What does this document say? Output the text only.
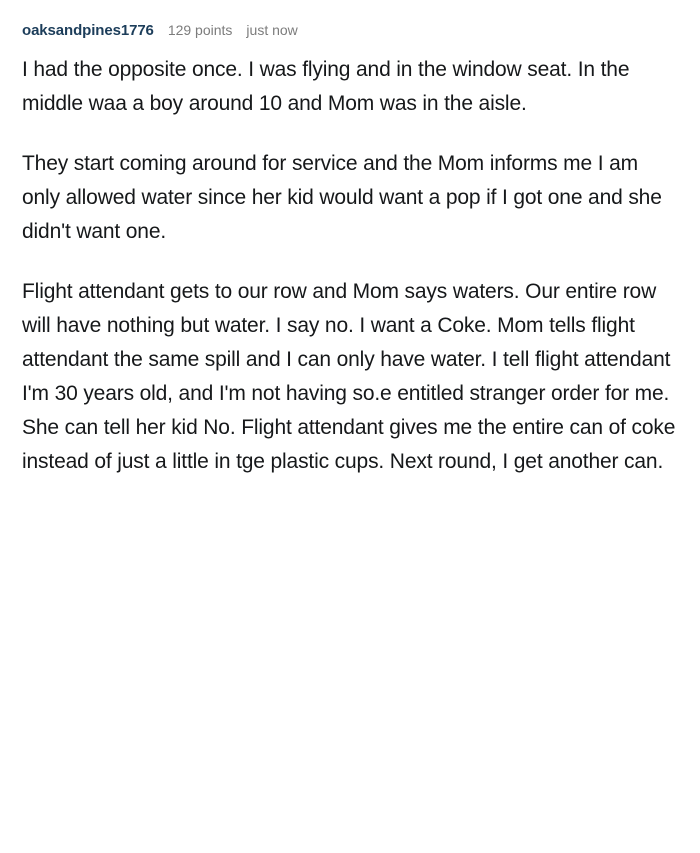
oaksandpines1776 129 points just now

I had the opposite once. I was flying and in the window seat. In the middle waa a boy around 10 and Mom was in the aisle.

They start coming around for service and the Mom informs me I am only allowed water since her kid would want a pop if I got one and she didn't want one.

Flight attendant gets to our row and Mom says waters. Our entire row will have nothing but water. I say no. I want a Coke. Mom tells flight attendant the same spill and I can only have water. I tell flight attendant I'm 30 years old, and I'm not having so.e entitled stranger order for me. She can tell her kid No. Flight attendant gives me the entire can of coke instead of just a little in tge plastic cups. Next round, I get another can.
